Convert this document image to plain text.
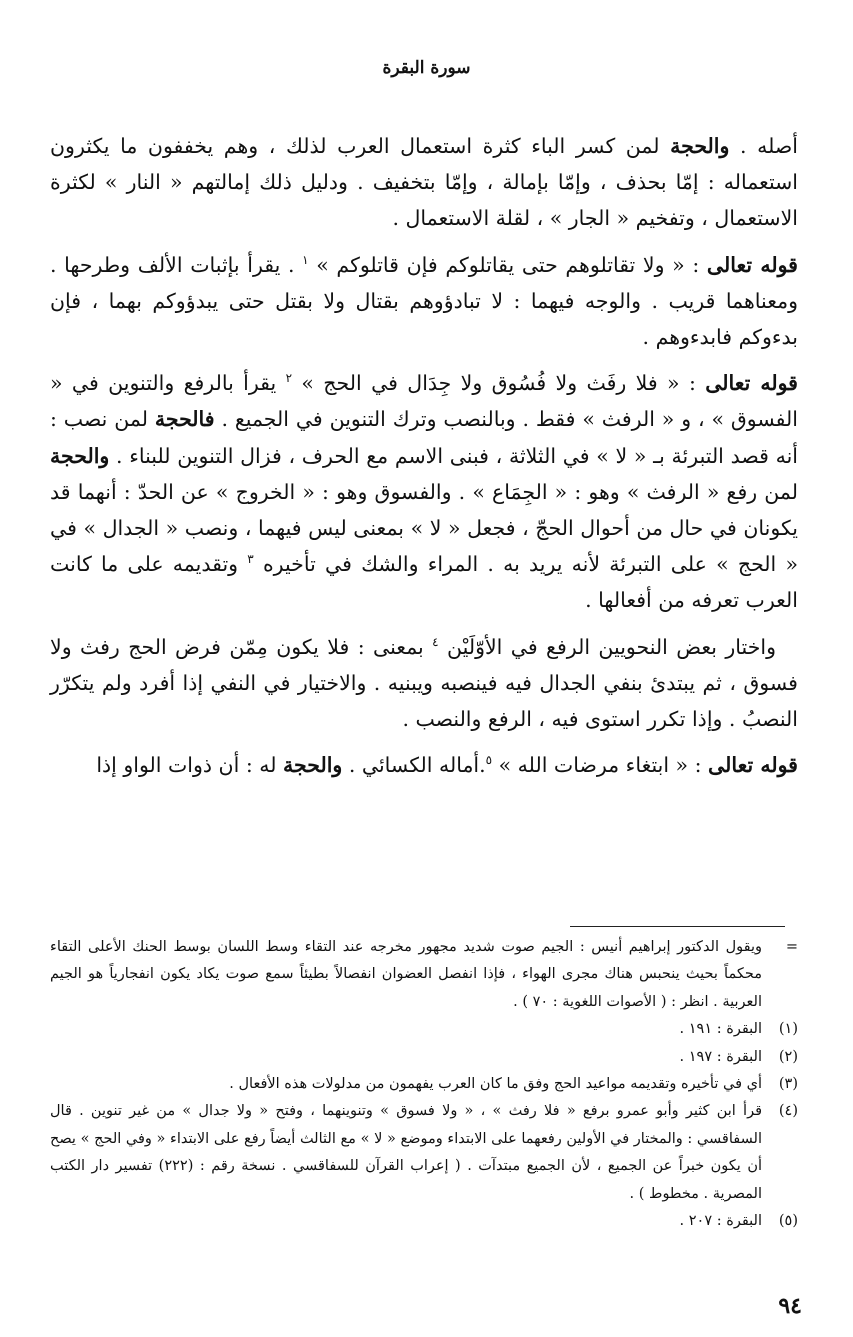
سورة البقرة

أصله . والحجة لمن كسر الباء كثرة استعمال العرب لذلك ، وهم يخففون ما يكثرون استعماله : إمّا بحذف ، وإمّا بإمالة ، وإمّا بتخفيف . ودليل ذلك إمالتهم « النار » لكثرة الاستعمال ، وتفخيم « الجار » ، لقلة الاستعمال .

قوله تعالى : « ولا تقاتلوهم حتى يقاتلوكم فإن قاتلوكم » $^١$ . يقرأ بإثبات الألف وطرحها . ومعناهما قريب . والوجه فيهما : لا تبادؤوهم بقتال ولا بقتل حتى يبدؤوكم بهما ، فإن بدءوكم فابدءوهم .

قوله تعالى : « فلا رفَث ولا فُسُوق ولا جِدَال في الحج » $^٢$ يقرأ بالرفع والتنوين في « الفسوق » ، و « الرفث » فقط . وبالنصب وترك التنوين في الجميع . فالحجة لمن نصب : أنه قصد التبرئة بـ « لا » في الثلاثة ، فبنى الاسم مع الحرف ، فزال التنوين للبناء . والحجة لمن رفع « الرفث » وهو : « الجِمَاع » . والفسوق وهو : « الخروج » عن الحدّ : أنهما قد يكونان في حال من أحوال الحجّ ، فجعل « لا » بمعنى ليس فيهما ، ونصب « الجدال » في « الحج » على التبرئة لأنه يريد به . المراء والشك في تأخيره $^٣$ وتقديمه على ما كانت العرب تعرفه من أفعالها .

واختار بعض النحويين الرفع في الأوّلَيْن $^٤$ بمعنى : فلا يكون مِمّن فرض الحج رفث ولا فسوق ، ثم يبتدئ بنفي الجدال فيه فينصبه ويبنيه . والاختيار في النفي إذا أفرد ولم يتكرّر النصبُ . وإذا تكرر استوى فيه ، الرفع والنصب .

قوله تعالى : « ابتغاء مرضات الله » $^٥$.أماله الكسائي . والحجة له : أن ذوات الواو إذا

=
ويقول الدكتور إبراهيم أنيس : الجيم صوت شديد مجهور مخرجه عند التقاء وسط اللسان بوسط الحنك الأعلى التقاء محكماً بحيث ينحبس هناك مجرى الهواء ، فإذا انفصل العضوان انفصالاً بطيئاً سمع صوت يكاد يكون انفجارياً هو الجيم العربية . انظر : ( الأصوات اللغوية : ٧٠ ) .
(١)
البقرة : ١٩١ .
(٢)
البقرة : ١٩٧ .
(٣)
أي في تأخيره وتقديمه مواعيد الحج وفق ما كان العرب يفهمون من مدلولات هذه الأفعال .
(٤)
قرأ ابن كثير وأبو عمرو برفع « فلا رفث » ، « ولا فسوق » وتنوينهما ، وفتح « ولا جدال » من غير تنوين . قال السفاقسي : والمختار في الأولين رفعهما على الابتداء وموضع « لا » مع الثالث أيضاً رفع على الابتداء « وفي الحج » يصح أن يكون خبراً عن الجميع ، لأن الجميع مبتدآت . ( إعراب القرآن للسفاقسي . نسخة رقم : (٢٢٢) تفسير دار الكتب المصرية . مخطوط ) .
(٥)
البقرة : ٢٠٧ .
٩٤
